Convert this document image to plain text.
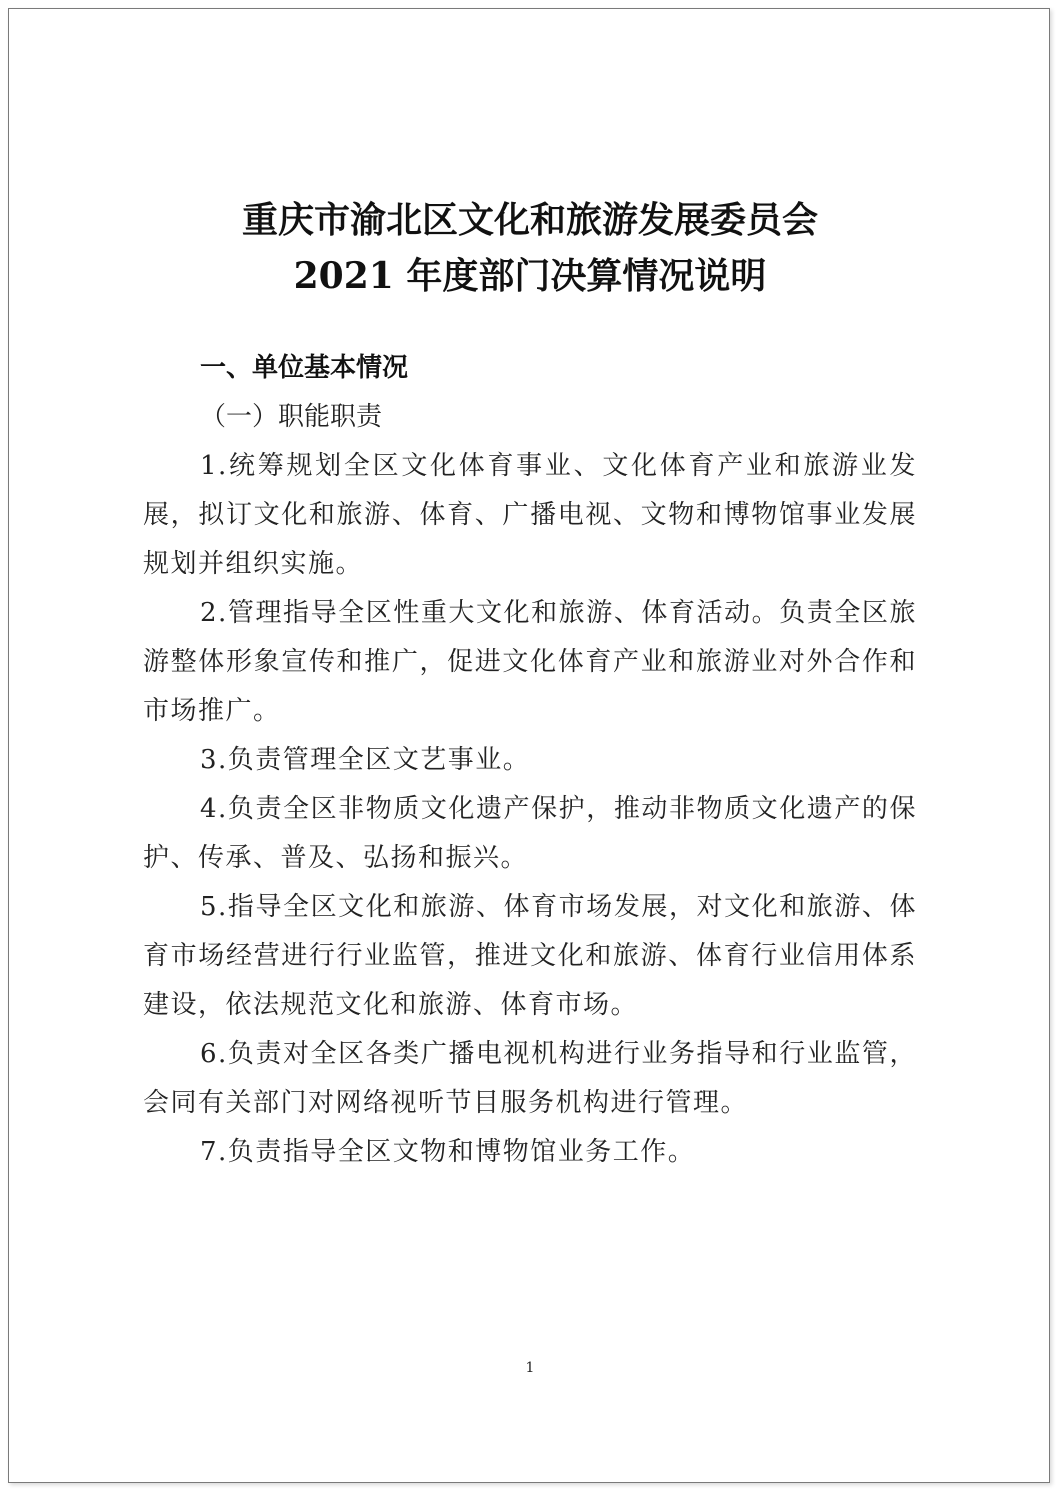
重庆市渝北区文化和旅游发展委员会
2021 年度部门决算情况说明
一、单位基本情况
（一）职能职责

1.统筹规划全区文化体育事业、文化体育产业和旅游业发展，拟订文化和旅游、体育、广播电视、文物和博物馆事业发展规划并组织实施。

2.管理指导全区性重大文化和旅游、体育活动。负责全区旅游整体形象宣传和推广，促进文化体育产业和旅游业对外合作和市场推广。

3.负责管理全区文艺事业。

4.负责全区非物质文化遗产保护，推动非物质文化遗产的保护、传承、普及、弘扬和振兴。

5.指导全区文化和旅游、体育市场发展，对文化和旅游、体育市场经营进行行业监管，推进文化和旅游、体育行业信用体系建设，依法规范文化和旅游、体育市场。

6.负责对全区各类广播电视机构进行业务指导和行业监管，会同有关部门对网络视听节目服务机构进行管理。

7.负责指导全区文物和博物馆业务工作。

1
